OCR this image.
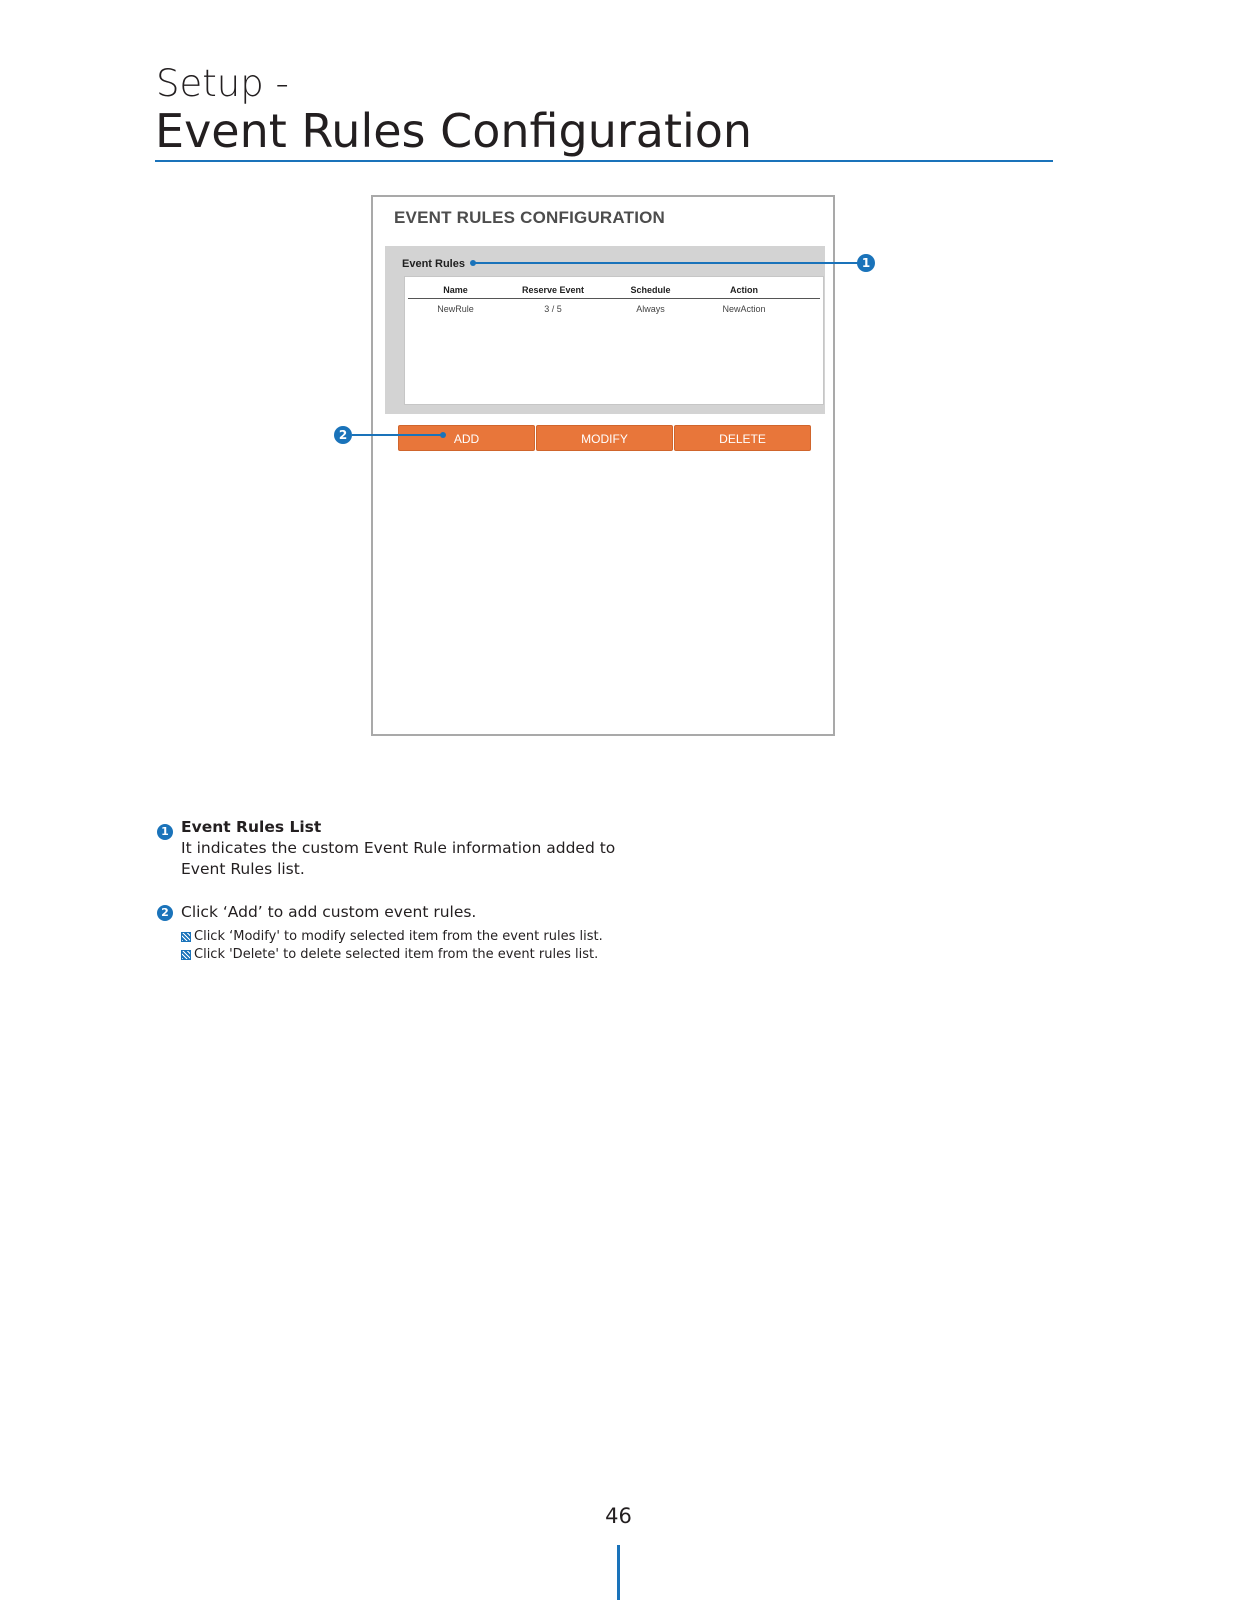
Setup -
Event Rules Configuration
EVENT RULES CONFIGURATION
Event Rules
Name	Reserve Event	Schedule	Action
NewRule	3 / 5	Always	NewAction
ADD	MODIFY	DELETE
1
2
1 Event Rules List
It indicates the custom Event Rule information added to
Event Rules list.
2 Click ‘Add’ to add custom event rules.
Click ‘Modify' to modify selected item from the event rules list.
Click 'Delete' to delete selected item from the event rules list.
46
